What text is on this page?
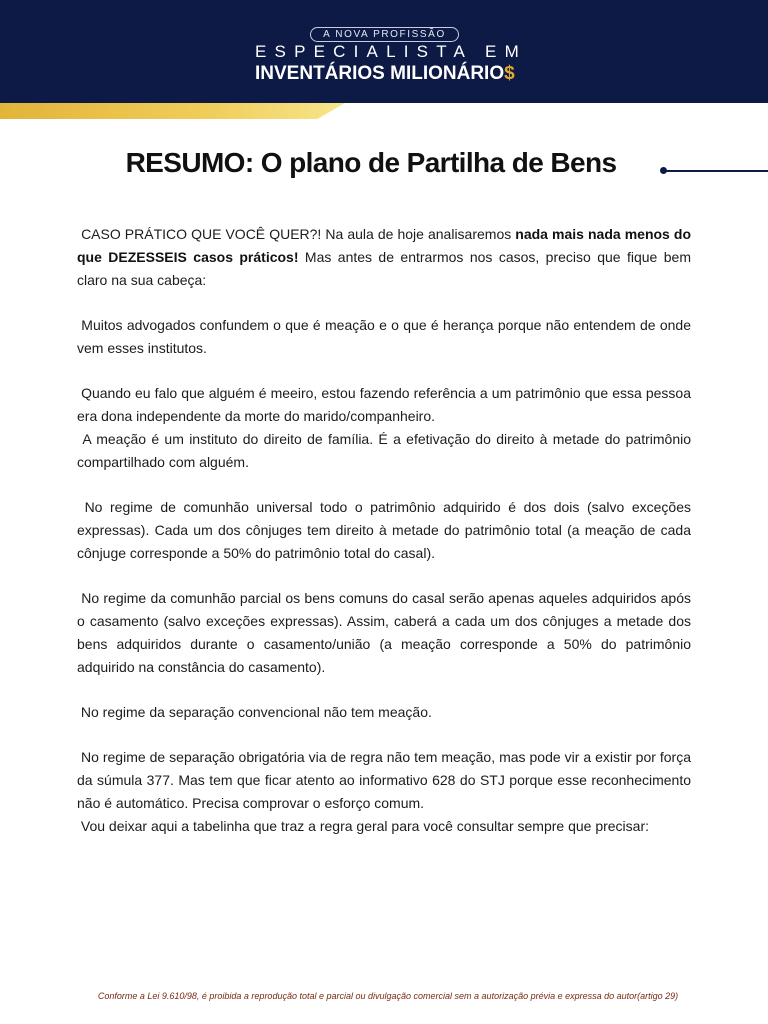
A NOVA PROFISSÃO
ESPECIALISTA EM
INVENTÁRIOS MILIONÁRIO$
RESUMO: O plano de Partilha de Bens

CASO PRÁTICO QUE VOCÊ QUER?! Na aula de hoje analisaremos nada mais nada menos do que DEZESSEIS casos práticos! Mas antes de entrarmos nos casos, preciso que fique bem claro na sua cabeça:

Muitos advogados confundem o que é meação e o que é herança porque não entendem de onde vem esses institutos.

Quando eu falo que alguém é meeiro, estou fazendo referência a um patrimônio que essa pessoa era dona independente da morte do marido/companheiro.

A meação é um instituto do direito de família. É a efetivação do direito à metade do patrimônio compartilhado com alguém.

No regime de comunhão universal todo o patrimônio adquirido é dos dois (salvo exceções expressas). Cada um dos cônjuges tem direito à metade do patrimônio total (a meação de cada cônjuge corresponde a 50% do patrimônio total do casal).

No regime da comunhão parcial os bens comuns do casal serão apenas aqueles adquiridos após o casamento (salvo exceções expressas). Assim, caberá a cada um dos cônjuges a metade dos bens adquiridos durante o casamento/união (a meação corresponde a 50% do patrimônio adquirido na constância do casamento).

No regime da separação convencional não tem meação.

No regime de separação obrigatória via de regra não tem meação, mas pode vir a existir por força da súmula 377. Mas tem que ficar atento ao informativo 628 do STJ porque esse reconhecimento não é automático. Precisa comprovar o esforço comum.

Vou deixar aqui a tabelinha que traz a regra geral para você consultar sempre que precisar:

Conforme a Lei 9.610/98, é proibida a reprodução total e parcial ou divulgação comercial sem a autorização prévia e expressa do autor(artigo 29)
